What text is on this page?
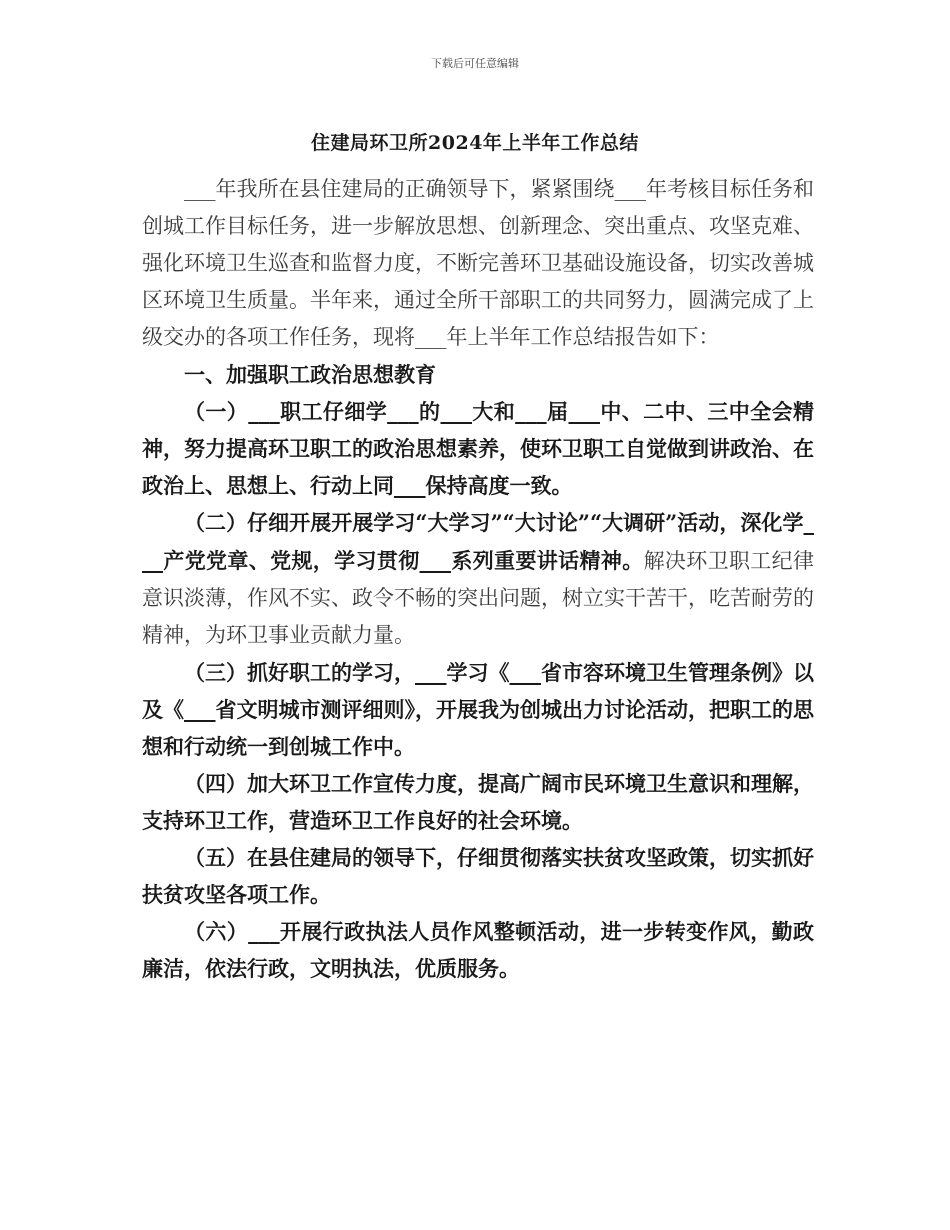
下载后可任意编辑
住建局环卫所2024年上半年工作总结

___年我所在县住建局的正确领导下，紧紧围绕___年考核目标任务和创城工作目标任务，进一步解放思想、创新理念、突出重点、攻坚克难、强化环境卫生巡查和监督力度，不断完善环卫基础设施设备，切实改善城区环境卫生质量。半年来，通过全所干部职工的共同努力，圆满完成了上级交办的各项工作任务，现将___年上半年工作总结报告如下：

一、加强职工政治思想教育

（一）___职工仔细学___的___大和___届___中、二中、三中全会精神，努力提高环卫职工的政治思想素养，使环卫职工自觉做到讲政治、在政治上、思想上、行动上同___保持高度一致。

（二）仔细开展开展学习“大学习”“大讨论”“大调研”活动，深化学___产党党章、党规，学习贯彻___系列重要讲话精神。解决环卫职工纪律意识淡薄，作风不实、政令不畅的突出问题，树立实干苦干，吃苦耐劳的精神，为环卫事业贡献力量。

（三）抓好职工的学习，___学习《___省市容环境卫生管理条例》以及《___省文明城市测评细则》，开展我为创城出力讨论活动，把职工的思想和行动统一到创城工作中。

（四）加大环卫工作宣传力度，提高广阔市民环境卫生意识和理解，支持环卫工作，营造环卫工作良好的社会环境。

（五）在县住建局的领导下，仔细贯彻落实扶贫攻坚政策，切实抓好扶贫攻坚各项工作。

（六）___开展行政执法人员作风整顿活动，进一步转变作风，勤政廉洁，依法行政，文明执法，优质服务。
